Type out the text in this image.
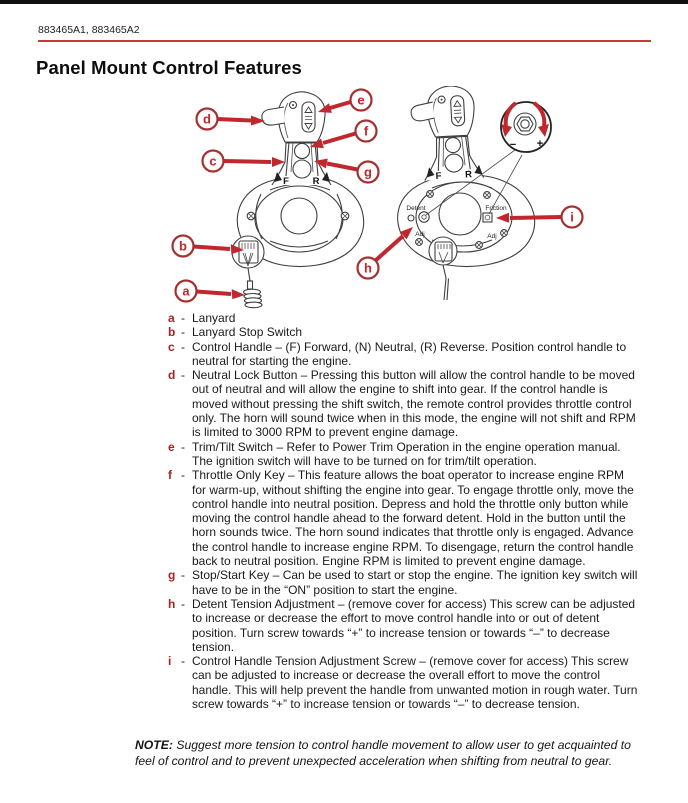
883465A1, 883465A2
Panel Mount Control Features
F R
Detent
Adj
Friction
Adj
− +
d
e
f
c
g
b
a
h
i
a - Lanyard
b - Lanyard Stop Switch
c - Control Handle – (F) Forward, (N) Neutral, (R) Reverse. Position control handle to neutral for starting the engine.
d - Neutral Lock Button – Pressing this button will allow the control handle to be moved out of neutral and will allow the engine to shift into gear. If the control handle is moved without pressing the shift switch, the remote control provides throttle control only. The horn will sound twice when in this mode, the engine will not shift and RPM is limited to 3000 RPM to prevent engine damage.
e - Trim/Tilt Switch – Refer to Power Trim Operation in the engine operation manual. The ignition switch will have to be turned on for trim/tilt operation.
f - Throttle Only Key – This feature allows the boat operator to increase engine RPM for warm-up, without shifting the engine into gear. To engage throttle only, move the control handle into neutral position. Depress and hold the throttle only button while moving the control handle ahead to the forward detent. Hold in the button until the horn sounds twice. The horn sound indicates that throttle only is engaged. Advance the control handle to increase engine RPM. To disengage, return the control handle back to neutral position. Engine RPM is limited to prevent engine damage.
g - Stop/Start Key – Can be used to start or stop the engine. The ignition key switch will have to be in the “ON” position to start the engine.
h - Detent Tension Adjustment – (remove cover for access) This screw can be adjusted to increase or decrease the effort to move control handle into or out of detent position. Turn screw towards “+” to increase tension or towards “–” to decrease tension.
i - Control Handle Tension Adjustment Screw – (remove cover for access) This screw can be adjusted to increase or decrease the overall effort to move the control handle. This will help prevent the handle from unwanted motion in rough water. Turn screw towards “+” to increase tension or towards “–” to decrease tension.
NOTE: Suggest more tension to control handle movement to allow user to get acquainted to feel of control and to prevent unexpected acceleration when shifting from neutral to gear.
